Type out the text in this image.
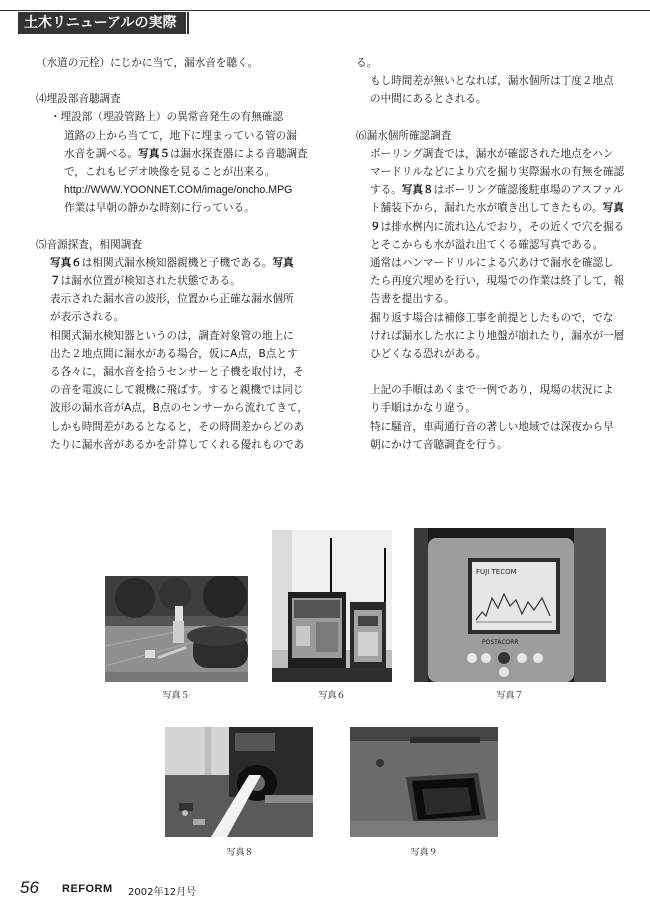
土木リニューアルの実際

（水道の元栓）にじかに当て，漏水音を聴く。

⑷埋設部音聴調査

・埋設部（埋設管路上）の異常音発生の有無確認

道路の上から当てて，地下に埋まっている管の漏

水音を調べる。写真５は漏水探査器による音聴調査

で，これもビデオ映像を見ることが出来る。

http://WWW.YOONNET.COM/image/oncho.MPG

作業は早朝の静かな時刻に行っている。

⑸音源探査，相関調査

写真６は相関式漏水検知器親機と子機である。写真

７は漏水位置が検知された状態である。

表示された漏水音の波形，位置から正確な漏水個所

が表示される。

相関式漏水検知器というのは，調査対象管の地上に

出た２地点間に漏水がある場合，仮にA点，B点とす

る各々に，漏水音を拾うセンサーと子機を取付け，そ

の音を電波にして親機に飛ばす。すると親機では同じ

波形の漏水音がA点，B点のセンサーから流れてきて，

しかも時間差があるとなると，その時間差からどのあ

たりに漏水音があるかを計算してくれる優れものであ

る。

もし時間差が無いとなれば，漏水個所は丁度２地点

の中間にあるとされる。

⑹漏水個所確認調査

ボーリング調査では，漏水が確認された地点をハン

マードリルなどにより穴を掘り実際漏水の有無を確認

する。写真８はボーリング確認後駐車場のアスファル

ト舗装下から，漏れた水が噴き出してきたもの。写真

９は排水桝内に流れ込んでおり，その近くで穴を掘る

とそこからも水が溢れ出てくる確認写真である。

通常はハンマードリルによる穴あけで漏水を確認し

たら再度穴埋めを行い，現場での作業は終了して，報

告書を提出する。

掘り返す場合は補修工事を前提としたもので，でな

ければ漏水した水により地盤が崩れたり，漏水が一層

ひどくなる恐れがある。

上記の手順はあくまで一例であり，現場の状況によ

り手順はかなり違う。

特に騒音，車両通行音の著しい地域では深夜から早

朝にかけて音聴調査を行う。

写真５	写真６
FUJI TECOM
POSTACORR
写真７
写真８	写真９
56 REFORM 2002年12月号
